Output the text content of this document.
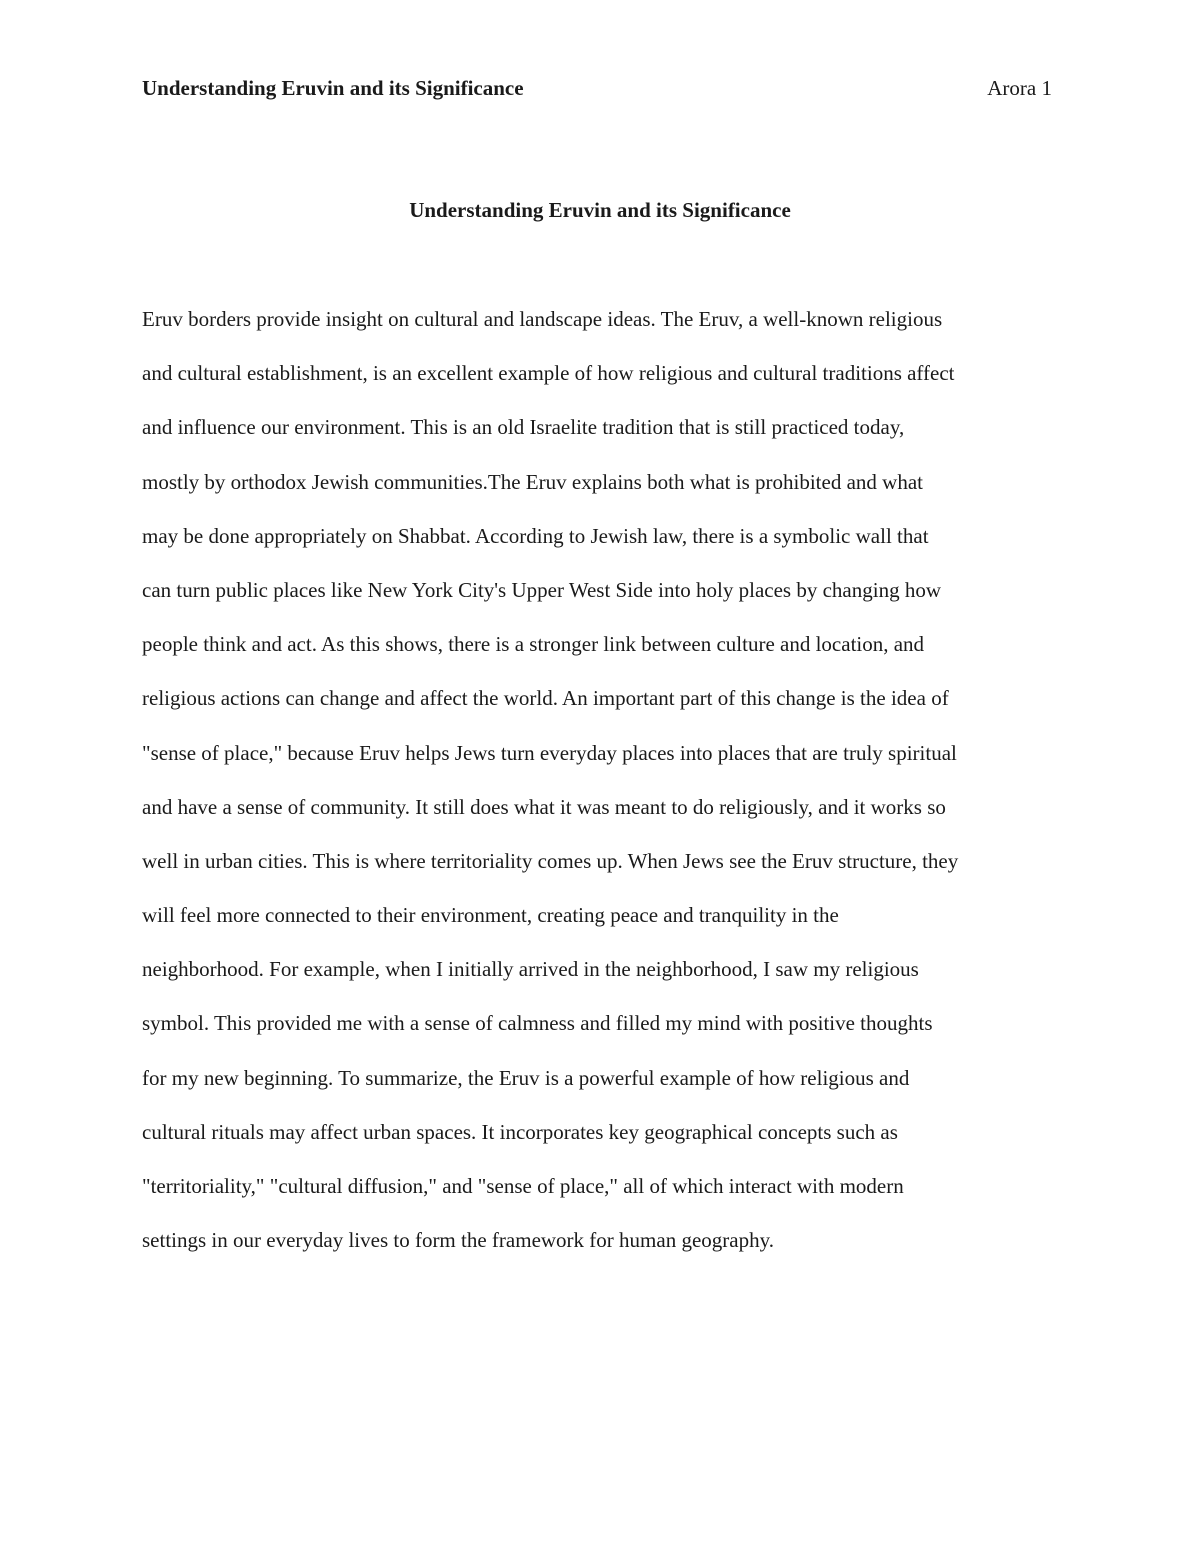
Understanding Eruvin and its Significance	Arora 1
Understanding Eruvin and its Significance
Eruv borders provide insight on cultural and landscape ideas. The Eruv, a well-known religious
and cultural establishment, is an excellent example of how religious and cultural traditions affect
and influence our environment. This is an old Israelite tradition that is still practiced today,
mostly by orthodox Jewish communities.The Eruv explains both what is prohibited and what
may be done appropriately on Shabbat. According to Jewish law, there is a symbolic wall that
can turn public places like New York City's Upper West Side into holy places by changing how
people think and act. As this shows, there is a stronger link between culture and location, and
religious actions can change and affect the world. An important part of this change is the idea of
"sense of place," because Eruv helps Jews turn everyday places into places that are truly spiritual
and have a sense of community. It still does what it was meant to do religiously, and it works so
well in urban cities. This is where territoriality comes up. When Jews see the Eruv structure, they
will feel more connected to their environment, creating peace and tranquility in the
neighborhood. For example, when I initially arrived in the neighborhood, I saw my religious
symbol. This provided me with a sense of calmness and filled my mind with positive thoughts
for my new beginning. To summarize, the Eruv is a powerful example of how religious and
cultural rituals may affect urban spaces. It incorporates key geographical concepts such as
"territoriality," "cultural diffusion," and "sense of place," all of which interact with modern
settings in our everyday lives to form the framework for human geography.
